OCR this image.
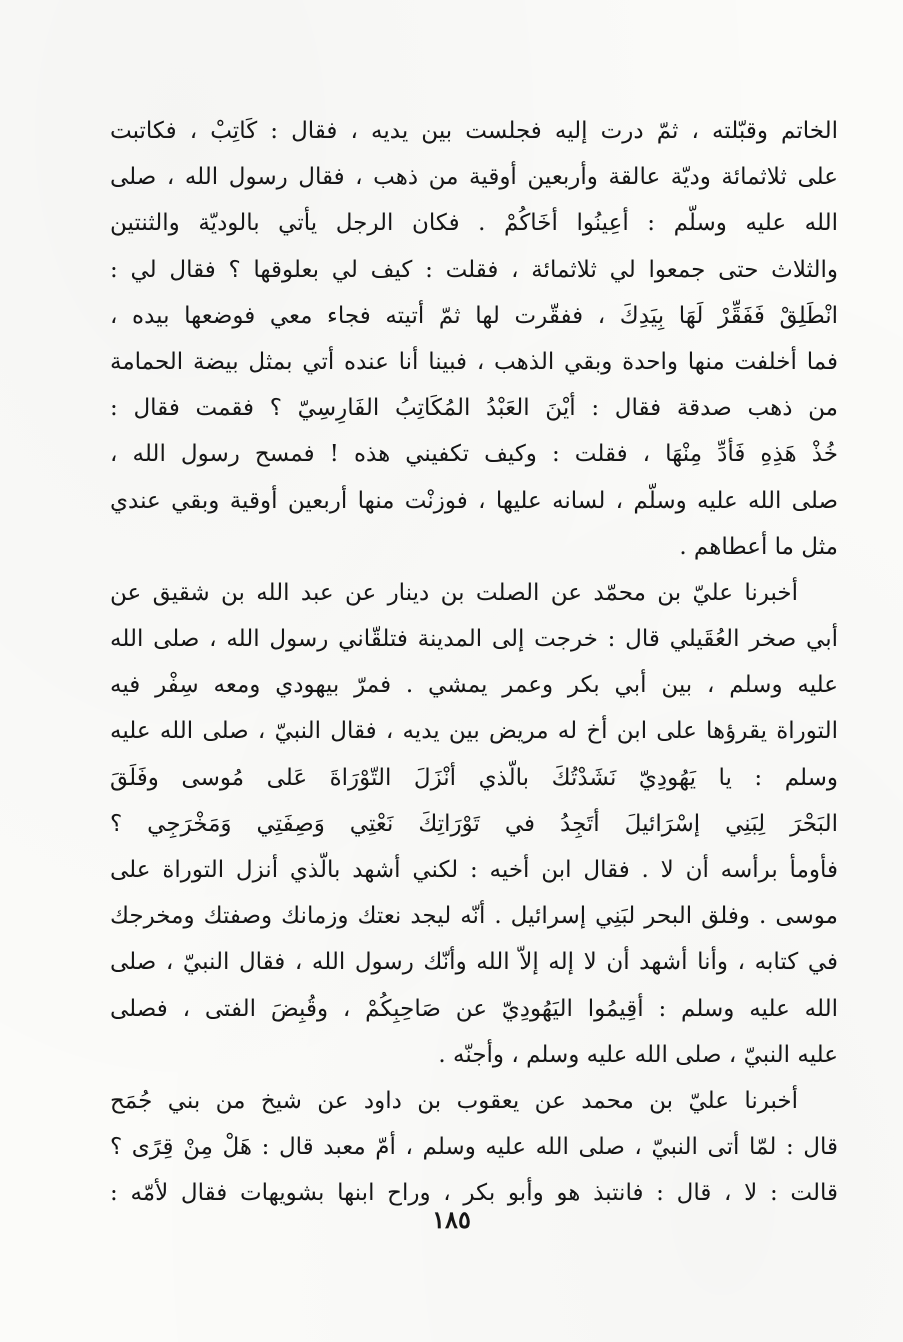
الخاتم وقبّلته ، ثمّ درت إليه فجلست بين يديه ، فقال : كَاتِبْ ، فكاتبت
على ثلاثمائة وديّة عالقة وأربعين أوقية من ذهب ، فقال رسول الله ، صلى
الله عليه وسلّم : أعِينُوا أخَاكُمْ . فكان الرجل يأتي بالوديّة والثنتين
والثلاث حتى جمعوا لي ثلاثمائة ، فقلت : كيف لي بعلوقها ؟ فقال لي :
انْطَلِقْ فَفَقِّرْ لَهَا بِيَدِكَ ، ففقّرت لها ثمّ أتيته فجاء معي فوضعها بيده ،
فما أخلفت منها واحدة وبقي الذهب ، فبينا أنا عنده أتي بمثل بيضة الحمامة
من ذهب صدقة فقال : أيْنَ العَبْدُ المُكَاتِبُ الفَارِسِيّ ؟ فقمت فقال :
خُذْ هَذِهِ فَأدِّ مِنْهَا ، فقلت : وكيف تكفيني هذه ! فمسح رسول الله ،
صلى الله عليه وسلّم ، لسانه عليها ، فوزنْت منها أربعين أوقية وبقي عندي
مثل ما أعطاهم .
أخبرنا عليّ بن محمّد عن الصلت بن دينار عن عبد الله بن شقيق عن
أبي صخر العُقَيلي قال : خرجت إلى المدينة فتلقّاني رسول الله ، صلى الله
عليه وسلم ، بين أبي بكر وعمر يمشي . فمرّ بيهودي ومعه سِفْر فيه
التوراة يقرؤها على ابن أخ له مريض بين يديه ، فقال النبيّ ، صلى الله عليه
وسلم : يا يَهُودِيّ نَشَدْتُكَ بالّذي أنْزَلَ التّوْرَاةَ عَلى مُوسى وفَلَقَ
البَحْرَ لِبَنِي إسْرَائيلَ أتَجِدُ في تَوْرَاتِكَ نَعْتِي وَصِفَتِي وَمَخْرَجِي ؟
فأومأ برأسه أن لا . فقال ابن أخيه : لكني أشهد بالّذي أنزل التوراة على
موسى . وفلق البحر لبَنِي إسرائيل . أنّه ليجد نعتك وزمانك وصفتك ومخرجك
في كتابه ، وأنا أشهد أن لا إله إلاّ الله وأنّك رسول الله ، فقال النبيّ ، صلى
الله عليه وسلم : أقِيمُوا اليَهُودِيّ عن صَاحِبِكُمْ ، وقُبِضَ الفتى ، فصلى
عليه النبيّ ، صلى الله عليه وسلم ، وأجنّه .
أخبرنا عليّ بن محمد عن يعقوب بن داود عن شيخ من بني جُمَح
قال : لمّا أتى النبيّ ، صلى الله عليه وسلم ، أمّ معبد قال : هَلْ مِنْ قِرًى ؟
قالت : لا ، قال : فانتبذ هو وأبو بكر ، وراح ابنها بشويهات فقال لأمّه :
١٨٥
